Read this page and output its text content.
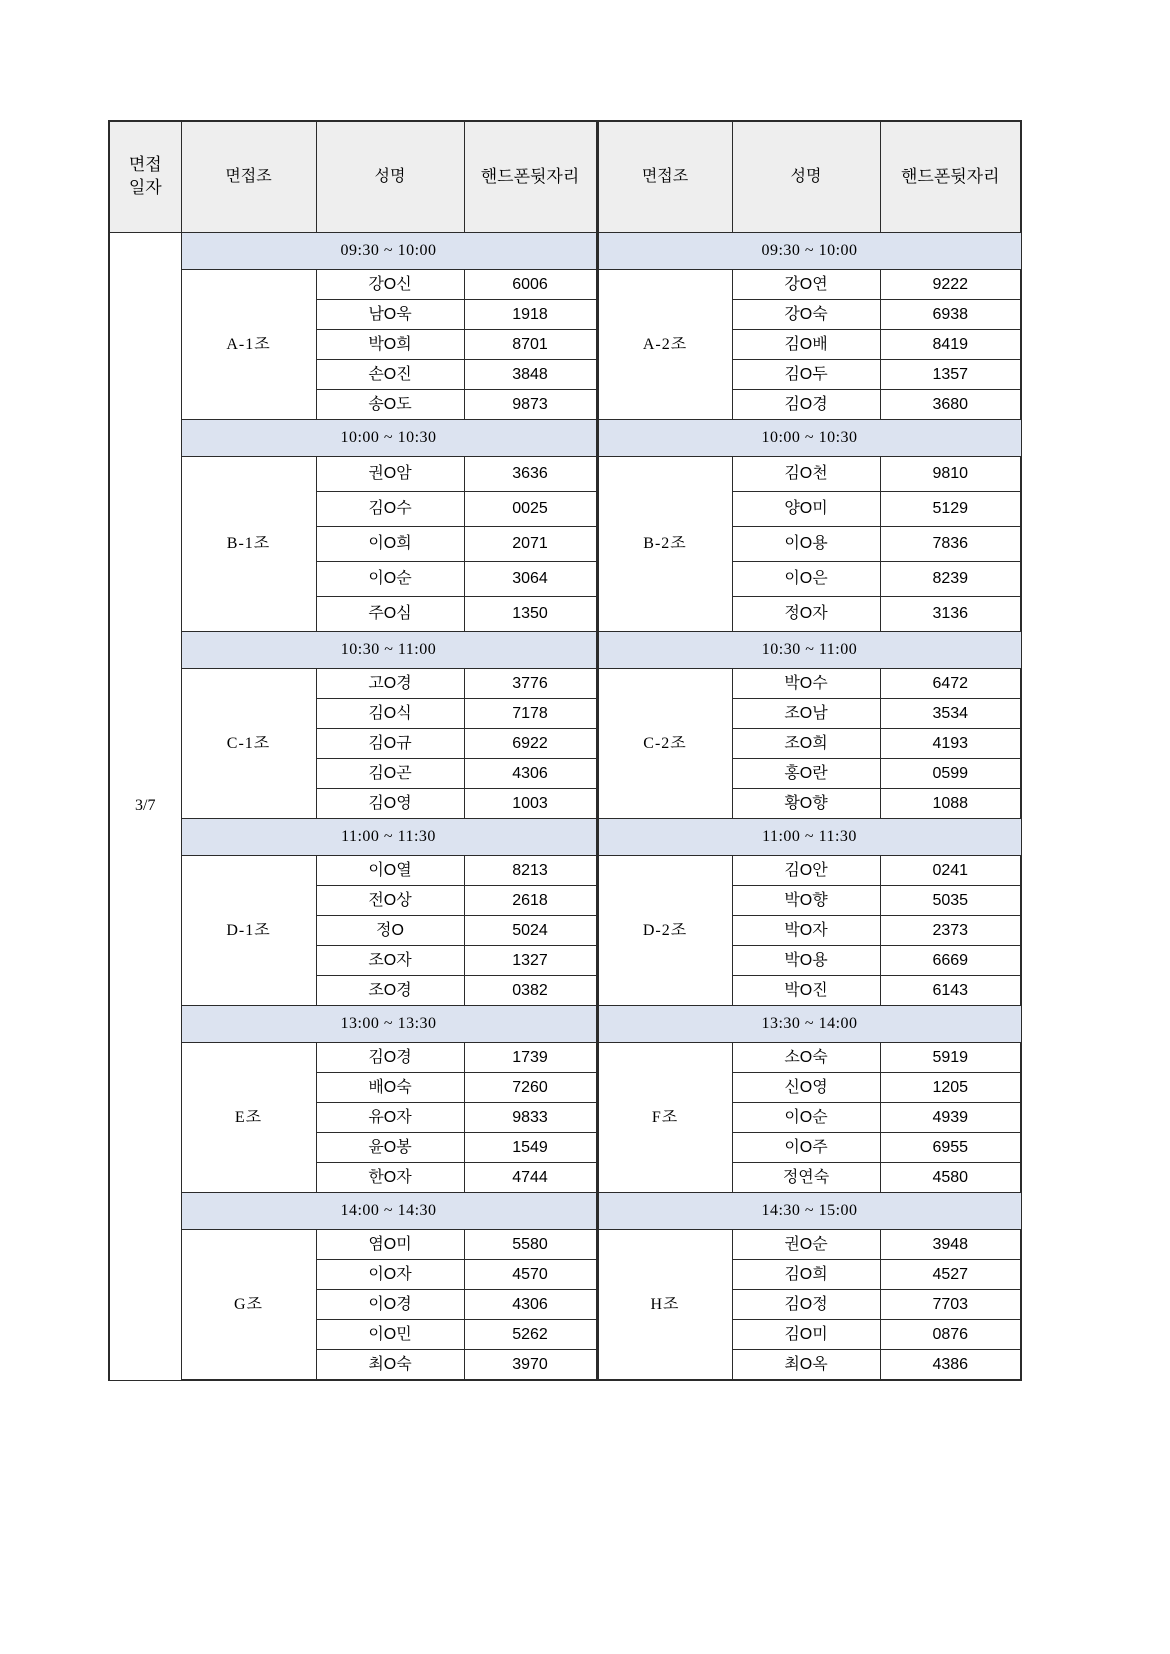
면접
일자	면접조	성명	핸드폰뒷자리	면접조	성명	핸드폰뒷자리
3/7	09:30 ~ 10:00			09:30 ~ 10:00		
	A-1조	강O신	6006	A-2조	강O연	9222
		남O욱	1918		강O숙	6938
		박O희	8701		김O배	8419
		손O진	3848		김O두	1357
		송O도	9873		김O경	3680
	10:00 ~ 10:30			10:00 ~ 10:30		
	B-1조	권O암	3636	B-2조	김O천	9810
		김O수	0025		양O미	5129
		이O희	2071		이O용	7836
		이O순	3064		이O은	8239
		주O심	1350		정O자	3136
	10:30 ~ 11:00			10:30 ~ 11:00		
	C-1조	고O경	3776	C-2조	박O수	6472
		김O식	7178		조O남	3534
		김O규	6922		조O희	4193
		김O곤	4306		홍O란	0599
		김O영	1003		황O향	1088
	11:00 ~ 11:30			11:00 ~ 11:30		
	D-1조	이O열	8213	D-2조	김O안	0241
		전O상	2618		박O향	5035
		정O	5024		박O자	2373
		조O자	1327		박O용	6669
		조O경	0382		박O진	6143
	13:00 ~ 13:30			13:30 ~ 14:00		
	E조	김O경	1739	F조	소O숙	5919
		배O숙	7260		신O영	1205
		유O자	9833		이O순	4939
		윤O봉	1549		이O주	6955
		한O자	4744		정연숙	4580
	14:00 ~ 14:30			14:30 ~ 15:00		
	G조	염O미	5580	H조	권O순	3948
		이O자	4570		김O희	4527
		이O경	4306		김O정	7703
		이O민	5262		김O미	0876
		최O숙	3970		최O옥	4386
